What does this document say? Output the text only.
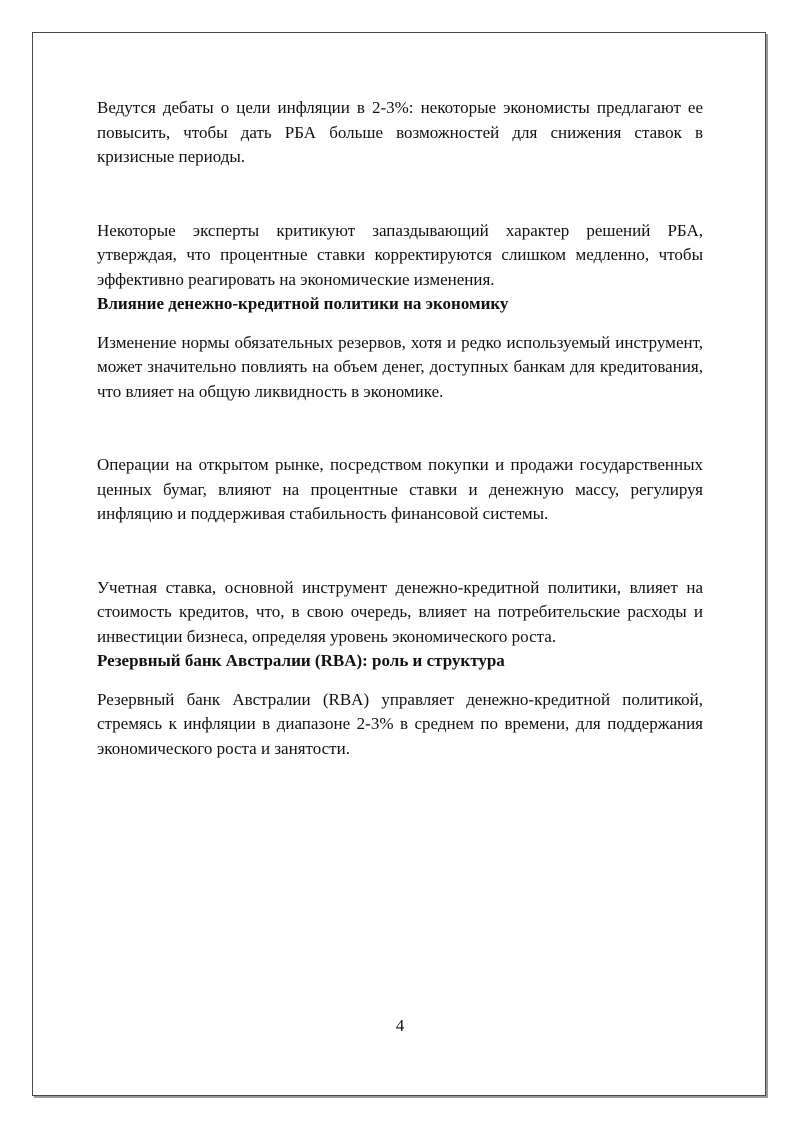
Ведутся дебаты о цели инфляции в 2-3%: некоторые экономисты предлагают ее повысить, чтобы дать РБА больше возможностей для снижения ставок в кризисные периоды.

Некоторые эксперты критикуют запаздывающий характер решений РБА, утверждая, что процентные ставки корректируются слишком медленно, чтобы эффективно реагировать на экономические изменения.

Влияние денежно-кредитной политики на экономику

Изменение нормы обязательных резервов, хотя и редко используемый инструмент, может значительно повлиять на объем денег, доступных банкам для кредитования, что влияет на общую ликвидность в экономике.

Операции на открытом рынке, посредством покупки и продажи государственных ценных бумаг, влияют на процентные ставки и денежную массу, регулируя инфляцию и поддерживая стабильность финансовой системы.

Учетная ставка, основной инструмент денежно-кредитной политики, влияет на стоимость кредитов, что, в свою очередь, влияет на потребительские расходы и инвестиции бизнеса, определяя уровень экономического роста.

Резервный банк Австралии (RBA): роль и структура

Резервный банк Австралии (RBA) управляет денежно-кредитной политикой, стремясь к инфляции в диапазоне 2-3% в среднем по времени, для поддержания экономического роста и занятости.

4
